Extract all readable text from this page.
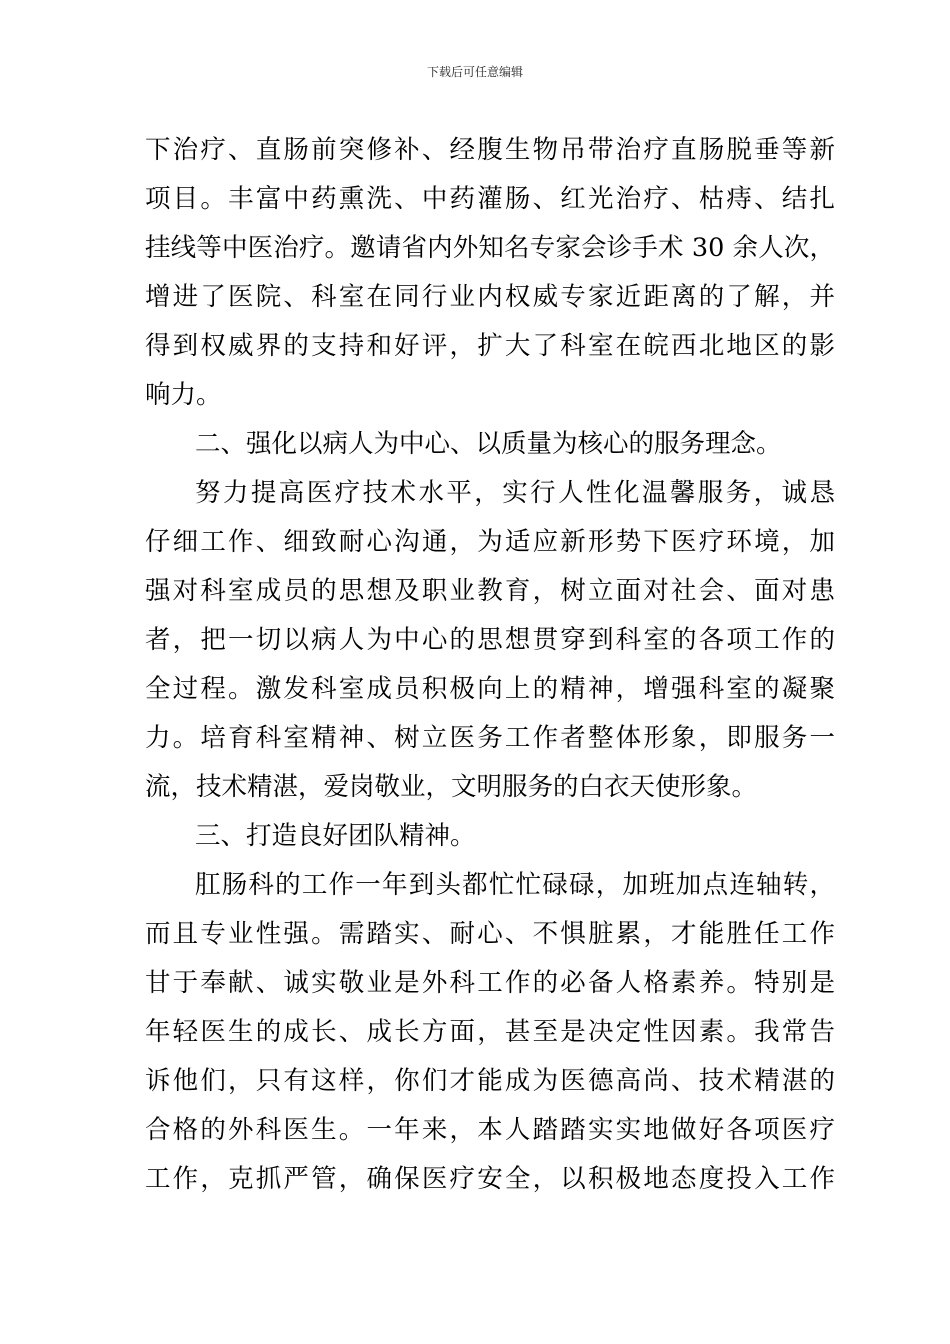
下载后可任意编辑
下治疗、直肠前突修补、经腹生物吊带治疗直肠脱垂等新
项目。丰富中药熏洗、中药灌肠、红光治疗、枯痔、结扎
挂线等中医治疗。邀请省内外知名专家会诊手术 30 余人次，
增进了医院、科室在同行业内权威专家近距离的了解，并
得到权威界的支持和好评，扩大了科室在皖西北地区的影
响力。
二、强化以病人为中心、以质量为核心的服务理念。
努力提高医疗技术水平，实行人性化温馨服务，诚恳
仔细工作、细致耐心沟通，为适应新形势下医疗环境，加
强对科室成员的思想及职业教育，树立面对社会、面对患
者，把一切以病人为中心的思想贯穿到科室的各项工作的
全过程。激发科室成员积极向上的精神，增强科室的凝聚
力。培育科室精神、树立医务工作者整体形象，即服务一
流，技术精湛，爱岗敬业，文明服务的白衣天使形象。
三、打造良好团队精神。
肛肠科的工作一年到头都忙忙碌碌，加班加点连轴转，
而且专业性强。需踏实、耐心、不惧脏累，才能胜任工作
甘于奉献、诚实敬业是外科工作的必备人格素养。特别是
年轻医生的成长、成长方面，甚至是决定性因素。我常告
诉他们，只有这样，你们才能成为医德高尚、技术精湛的
合格的外科医生。一年来，本人踏踏实实地做好各项医疗
工作，克抓严管，确保医疗安全，以积极地态度投入工作
